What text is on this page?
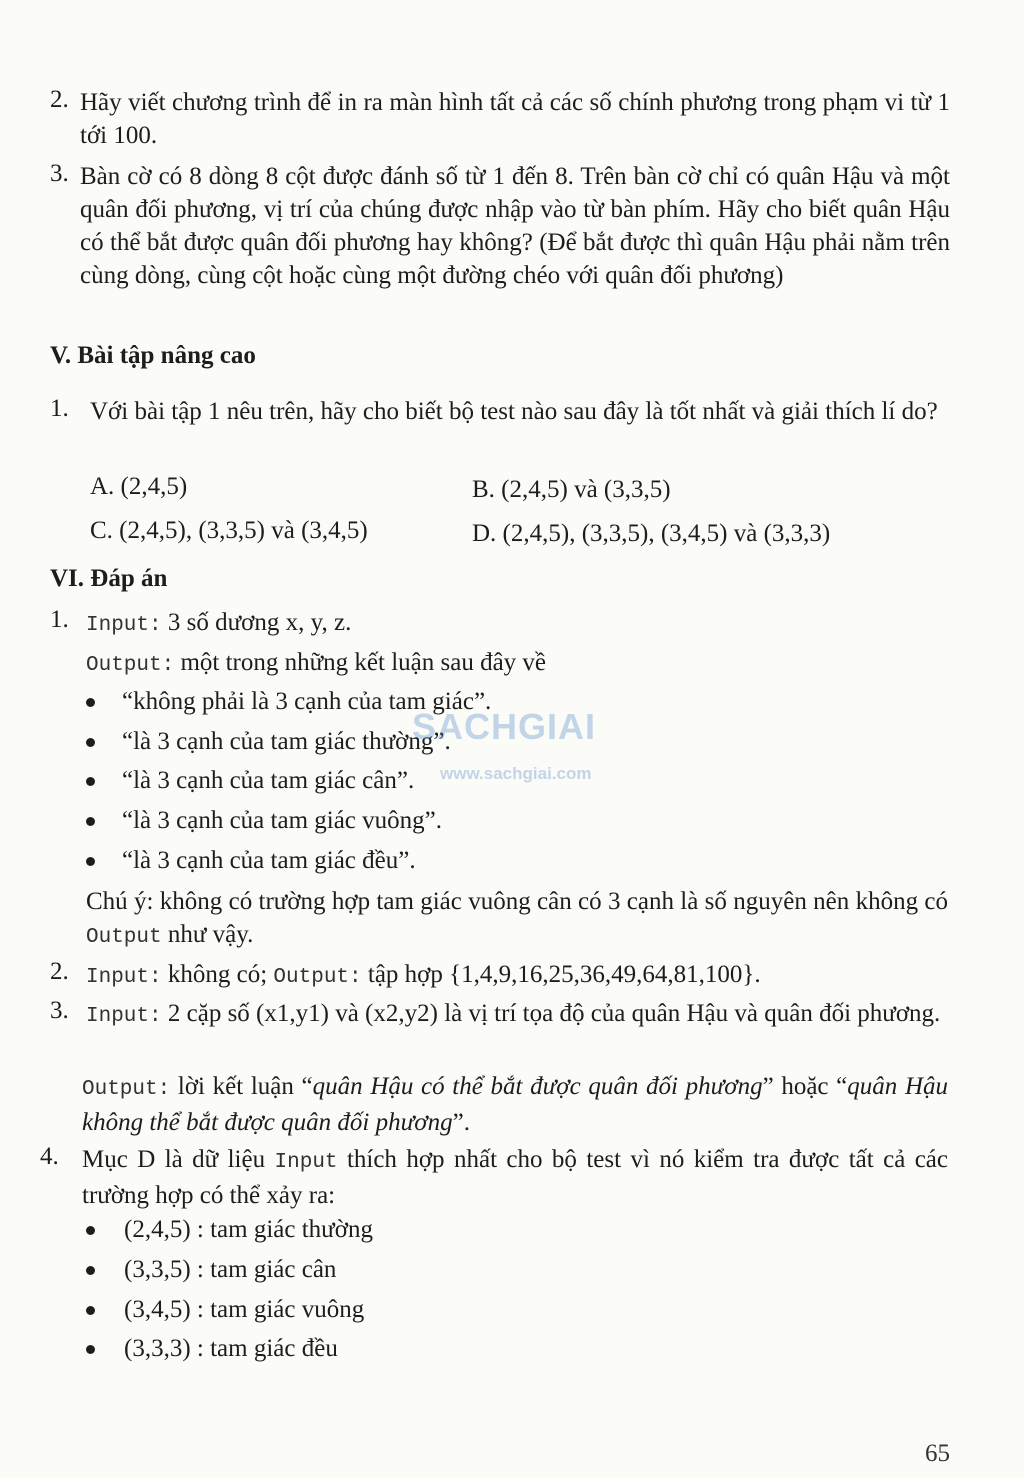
2. Hãy viết chương trình để in ra màn hình tất cả các số chính phương trong phạm vi từ 1 tới 100.
3. Bàn cờ có 8 dòng 8 cột được đánh số từ 1 đến 8. Trên bàn cờ chỉ có quân Hậu và một quân đối phương, vị trí của chúng được nhập vào từ bàn phím. Hãy cho biết quân Hậu có thể bắt được quân đối phương hay không? (Để bắt được thì quân Hậu phải nằm trên cùng dòng, cùng cột hoặc cùng một đường chéo với quân đối phương)
V. Bài tập nâng cao
1. Với bài tập 1 nêu trên, hãy cho biết bộ test nào sau đây là tốt nhất và giải thích lí do?
A. (2,4,5)	B. (2,4,5) và (3,3,5)
C. (2,4,5), (3,3,5) và (3,4,5)	D. (2,4,5), (3,3,5), (3,4,5) và (3,3,3)
VI. Đáp án
1. Input: 3 số dương x, y, z.
Output: một trong những kết luận sau đây về
“không phải là 3 cạnh của tam giác”.
“là 3 cạnh của tam giác thường”.
“là 3 cạnh của tam giác cân”.
“là 3 cạnh của tam giác vuông”.
“là 3 cạnh của tam giác đều”.
Chú ý: không có trường hợp tam giác vuông cân có 3 cạnh là số nguyên nên không có Output như vậy.
2. Input: không có; Output: tập hợp {1,4,9,16,25,36,49,64,81,100}.
3. Input: 2 cặp số (x1,y1) và (x2,y2) là vị trí tọa độ của quân Hậu và quân đối phương.
Output: lời kết luận “quân Hậu có thể bắt được quân đối phương” hoặc “quân Hậu không thể bắt được quân đối phương”.
4. Mục D là dữ liệu Input thích hợp nhất cho bộ test vì nó kiểm tra được tất cả các trường hợp có thể xảy ra:
(2,4,5) : tam giác thường
(3,3,5) : tam giác cân
(3,4,5) : tam giác vuông
(3,3,3) : tam giác đều
SACHGIAI
www.sachgiai.com
65
